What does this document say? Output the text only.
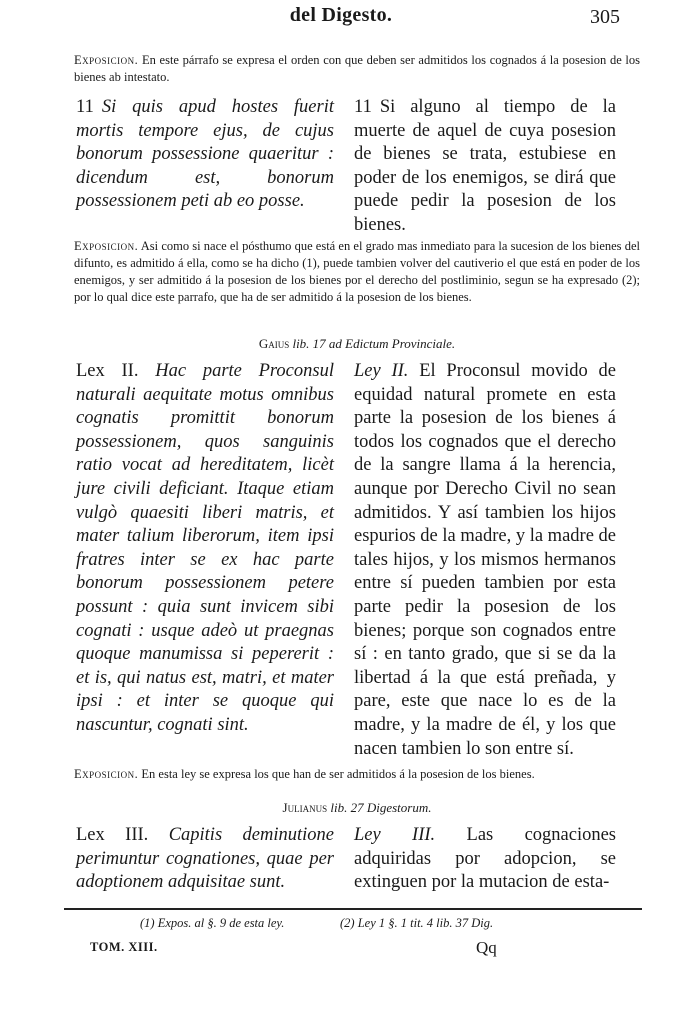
del Digesto.	305
Exposicion. En este párrafo se expresa el orden con que deben ser admitidos los cognados á la posesion de los bienes ab intestato.
11 Si quis apud hostes fuerit mortis tempore ejus, de cujus bonorum possessione quaeritur : dicendum est, bonorum possessionem peti ab eo posse.
11 Si alguno al tiempo de la muerte de aquel de cuya posesion de bienes se trata, estubiese en poder de los enemigos, se dirá que puede pedir la posesion de los bienes.
Exposicion. Asi como si nace el pósthumo que está en el grado mas inmediato para la sucesion de los bienes del difunto, es admitido á ella, como se ha dicho (1), puede tambien volver del cautiverio el que está en poder de los enemigos, y ser admitido á la posesion de los bienes por el derecho del postliminio, segun se ha expresado (2); por lo qual dice este parrafo, que ha de ser admitido á la posesion de los bienes.
Gaius lib. 17 ad Edictum Provinciale.
Lex II. Hac parte Proconsul naturali aequitate motus omnibus cognatis promittit bonorum possessionem, quos sanguinis ratio vocat ad hereditatem, licèt jure civili deficiant. Itaque etiam vulgò quaesiti liberi matris, et mater talium liberorum, item ipsi fratres inter se ex hac parte bonorum possessionem petere possunt : quia sunt invicem sibi cognati : usque adeò ut praegnas quoque manumissa si pepererit : et is, qui natus est, matri, et mater ipsi : et inter se quoque qui nascuntur, cognati sint.
Ley II. El Proconsul movido de equidad natural promete en esta parte la posesion de los bienes á todos los cognados que el derecho de la sangre llama á la herencia, aunque por Derecho Civil no sean admitidos. Y así tambien los hijos espurios de la madre, y la madre de tales hijos, y los mismos hermanos entre sí pueden tambien por esta parte pedir la posesion de los bienes; porque son cognados entre sí : en tanto grado, que si se da la libertad á la que está preñada, y pare, este que nace lo es de la madre, y la madre de él, y los que nacen tambien lo son entre sí.
Exposicion. En esta ley se expresa los que han de ser admitidos á la posesion de los bienes.
Julianus lib. 27 Digestorum.
Lex III. Capitis deminutione perimuntur cognationes, quae per adoptionem adquisitae sunt.
Ley III. Las cognaciones adquiridas por adopcion, se extinguen por la mutacion de esta-
(1) Expos. al §. 9 de esta ley.	(2) Ley 1 §. 1 tit. 4 lib. 37 Dig.
TOM. XIII.	Qq
